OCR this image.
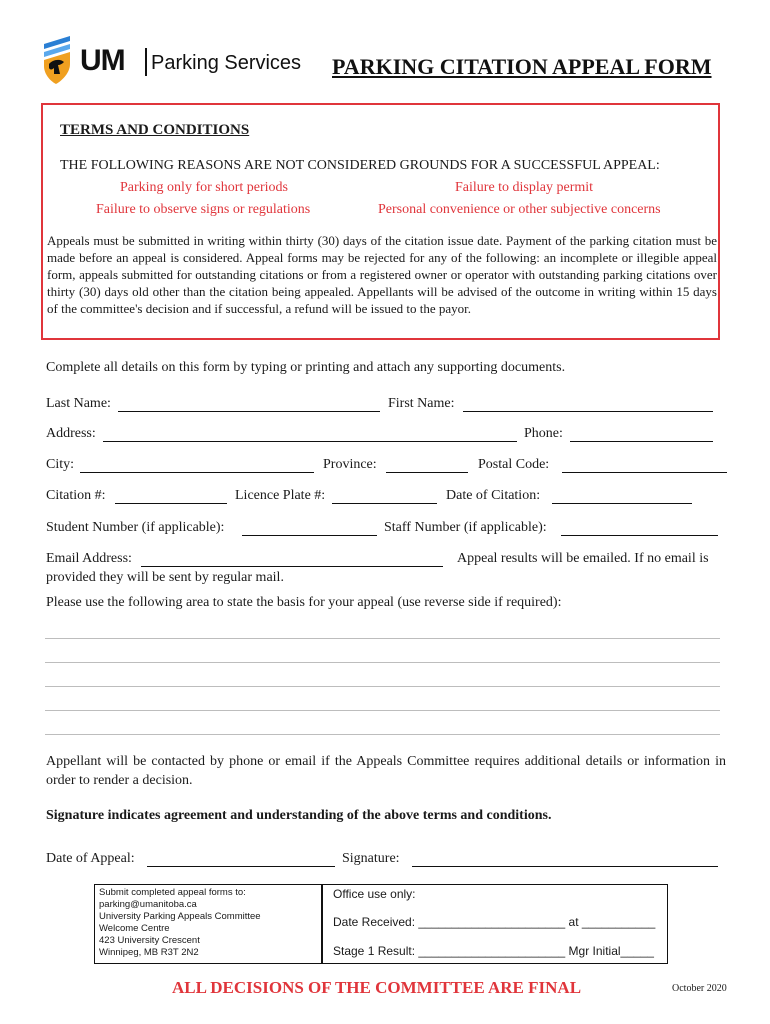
UM Parking Services PARKING CITATION APPEAL FORM
TERMS AND CONDITIONS
THE FOLLOWING REASONS ARE NOT CONSIDERED GROUNDS FOR A SUCCESSFUL APPEAL:
Parking only for short periods	Failure to display permit
Failure to observe signs or regulations	Personal convenience or other subjective concerns
Appeals must be submitted in writing within thirty (30) days of the citation issue date. Payment of the parking citation must be made before an appeal is considered. Appeal forms may be rejected for any of the following: an incomplete or illegible appeal form, appeals submitted for outstanding citations or from a registered owner or operator with outstanding parking citations over thirty (30) days old other than the citation being appealed. Appellants will be advised of the outcome in writing within 15 days of the committee's decision and if successful, a refund will be issued to the payor.
Complete all details on this form by typing or printing and attach any supporting documents.
Last Name:	First Name:
Address:	Phone:
City:	Province:	Postal Code:
Citation #:	Licence Plate #:	Date of Citation:
Student Number (if applicable):	Staff Number (if applicable):
Email Address:	Appeal results will be emailed. If no email is
provided they will be sent by regular mail.
Please use the following area to state the basis for your appeal (use reverse side if required):
Appellant will be contacted by phone or email if the Appeals Committee requires additional details or information in order to render a decision.
Signature indicates agreement and understanding of the above terms and conditions.
Date of Appeal:	Signature:
Submit completed appeal forms to:
parking@umanitoba.ca
University Parking Appeals Committee
Welcome Centre
423 University Crescent
Winnipeg, MB R3T 2N2
Office use only:
Date Received: ______________________ at ___________
Stage 1 Result: ______________________ Mgr Initial_____
ALL DECISIONS OF THE COMMITTEE ARE FINAL	October 2020
